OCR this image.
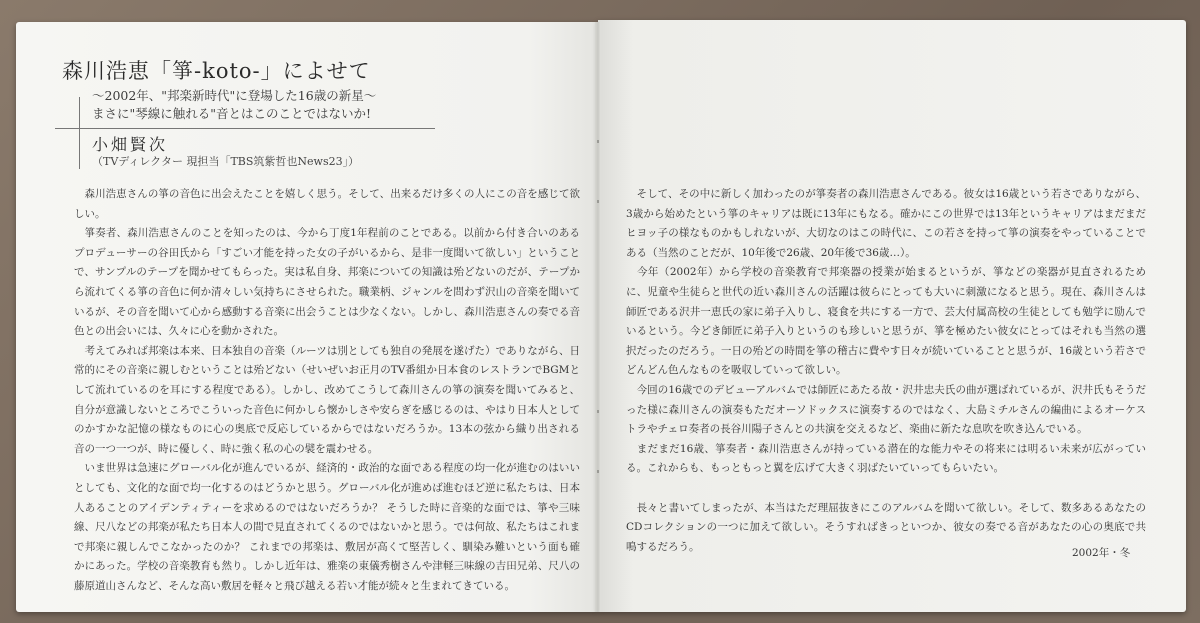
森川浩恵「箏-koto-」によせて
～2002年、"邦楽新時代"に登場した16歳の新星～
まさに"琴線に触れる"音とはこのことではないか!
小畑賢次
（TVディレクター 現担当「TBS筑紫哲也News23」）

　森川浩恵さんの箏の音色に出会えたことを嬉しく思う。そして、出来るだけ多くの人にこの音を感じて欲しい。

　箏奏者、森川浩恵さんのことを知ったのは、今から丁度1年程前のことである。以前から付き合いのあるプロデューサーの谷田氏から「すごい才能を持った女の子がいるから、是非一度聞いて欲しい」ということで、サンプルのテープを聞かせてもらった。実は私自身、邦楽についての知識は殆どないのだが、テープから流れてくる箏の音色に何か清々しい気持ちにさせられた。職業柄、ジャンルを問わず沢山の音楽を聞いているが、その音を聞いて心から感動する音楽に出会うことは少なくない。しかし、森川浩恵さんの奏でる音色との出会いには、久々に心を動かされた。

　考えてみれば邦楽は本来、日本独自の音楽（ルーツは別としても独自の発展を遂げた）でありながら、日常的にその音楽に親しむということは殆どない（せいぜいお正月のTV番組か日本食のレストランでBGMとして流れているのを耳にする程度である）。しかし、改めてこうして森川さんの箏の演奏を聞いてみると、自分が意識しないところでこういった音色に何かしら懐かしさや安らぎを感じるのは、やはり日本人としてのかすかな記憶の様なものに心の奥底で反応しているからではないだろうか。13本の弦から織り出される音の一つ一つが、時に優しく、時に強く私の心の襞を震わせる。

　いま世界は急速にグローバル化が進んでいるが、経済的・政治的な面である程度の均一化が進むのはいいとしても、文化的な面で均一化するのはどうかと思う。グローバル化が進めば進むほど逆に私たちは、日本人あることのアイデンティティーを求めるのではないだろうか？ そうした時に音楽的な面では、箏や三味線、尺八などの邦楽が私たち日本人の間で見直されてくるのではないかと思う。では何故、私たちはこれまで邦楽に親しんでこなかったのか？ これまでの邦楽は、敷居が高くて堅苦しく、馴染み難いという面も確かにあった。学校の音楽教育も然り。しかし近年は、雅楽の東儀秀樹さんや津軽三味線の吉田兄弟、尺八の藤原道山さんなど、そんな高い敷居を軽々と飛び越える若い才能が続々と生まれてきている。

　そして、その中に新しく加わったのが箏奏者の森川浩恵さんである。彼女は16歳という若さでありながら、3歳から始めたという箏のキャリアは既に13年にもなる。確かにこの世界では13年というキャリアはまだまだヒヨッ子の様なものかもしれないが、大切なのはこの時代に、この若さを持って箏の演奏をやっていることである（当然のことだが、10年後で26歳、20年後で36歳…）。

　今年（2002年）から学校の音楽教育で邦楽器の授業が始まるというが、箏などの楽器が見直されるために、児童や生徒らと世代の近い森川さんの活躍は彼らにとっても大いに刺激になると思う。現在、森川さんは師匠である沢井一恵氏の家に弟子入りし、寝食を共にする一方で、芸大付属高校の生徒としても勉学に励んでいるという。今どき師匠に弟子入りというのも珍しいと思うが、箏を極めたい彼女にとってはそれも当然の選択だったのだろう。一日の殆どの時間を箏の稽古に費やす日々が続いていることと思うが、16歳という若さでどんどん色んなものを吸収していって欲しい。

　今回の16歳でのデビューアルバムでは師匠にあたる故・沢井忠夫氏の曲が選ばれているが、沢井氏もそうだった様に森川さんの演奏もただオーソドックスに演奏するのではなく、大島ミチルさんの編曲によるオーケストラやチェロ奏者の長谷川陽子さんとの共演を交えるなど、楽曲に新たな息吹を吹き込んでいる。

　まだまだ16歳、箏奏者・森川浩恵さんが持っている潜在的な能力やその将来には明るい未来が広がっている。これからも、もっともっと翼を広げて大きく羽ばたいていってもらいたい。

　長々と書いてしまったが、本当はただ理屈抜きにこのアルバムを聞いて欲しい。そして、数多あるあなたのCDコレクションの一つに加えて欲しい。そうすればきっといつか、彼女の奏でる音があなたの心の奥底で共鳴するだろう。

2002年・冬
